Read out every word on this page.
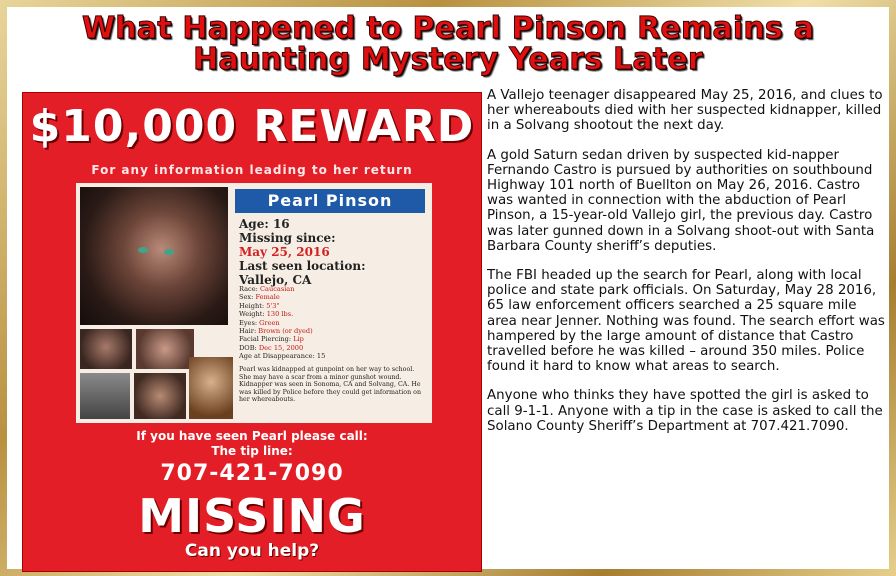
What Happened to Pearl Pinson Remains a
Haunting Mystery Years Later
$10,000 REWARD
For any information leading to her return
Pearl Pinson
Age: 16
Missing since:
May 25, 2016
Last seen location:
Vallejo, CA
Race: Caucasian
Sex: Female
Height: 5'3"
Weight: 130 lbs.
Eyes: Green
Hair: Brown (or dyed)
Facial Piercing: Lip
DOB: Dec 15, 2000
Age at Disappearance: 15
Pearl was kidnapped at gunpoint on her way to school. She may have a scar from a minor gunshot wound. Kidnapper was seen in Sonoma, CA and Solvang, CA. He was killed by Police before they could get information on her whereabouts.
If you have seen Pearl please call:
The tip line:
707-421-7090
MISSING
Can you help?

A Vallejo teenager disappeared May 25, 2016, and clues to her whereabouts died with her suspected kidnapper, killed in a Solvang shootout the next day.

A gold Saturn sedan driven by suspected kid-napper Fernando Castro is pursued by authorities on southbound Highway 101 north of Buellton on May 26, 2016. Castro was wanted in connection with the abduction of Pearl Pinson, a 15-year-old Vallejo girl, the previous day. Castro was later gunned down in a Solvang shoot-out with Santa Barbara County sheriff’s deputies.

The FBI headed up the search for Pearl, along with local police and state park officials. On Saturday, May 28 2016, 65 law enforcement officers searched a 25 square mile area near Jenner. Nothing was found. The search effort was hampered by the large amount of distance that Castro travelled before he was killed – around 350 miles. Police found it hard to know what areas to search.

Anyone who thinks they have spotted the girl is asked to call 9-1-1. Anyone with a tip in the case is asked to call the Solano County Sheriff’s Department at 707.421.7090.
